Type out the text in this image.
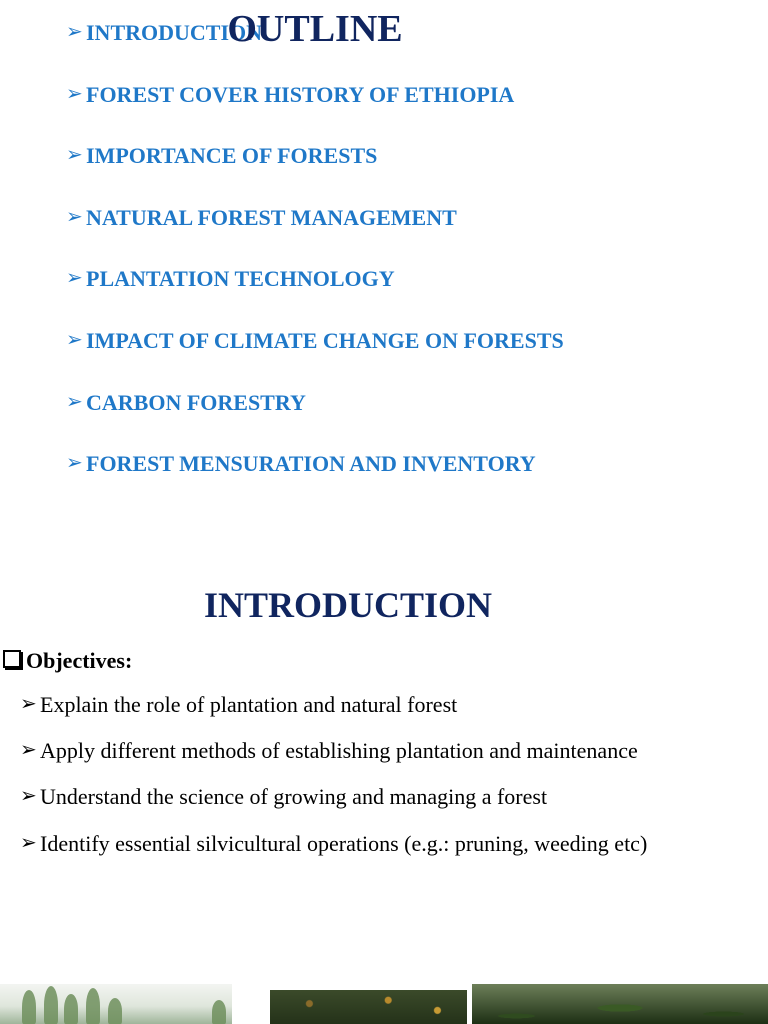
➢ INTRODUCTION
➢ FOREST COVER HISTORY OF ETHIOPIA
➢ IMPORTANCE OF FORESTS
➢ NATURAL FOREST MANAGEMENT
➢ PLANTATION TECHNOLOGY
➢ IMPACT OF CLIMATE CHANGE ON FORESTS
➢ CARBON FORESTRY
➢ FOREST MENSURATION AND INVENTORY
OUTLINE
INTRODUCTION
Objectives:
➢ Explain the role of plantation and natural forest
➢ Apply different methods of establishing plantation and maintenance
➢ Understand the science of growing and managing a forest
➢ Identify essential silvicultural operations (e.g.: pruning, weeding etc)
